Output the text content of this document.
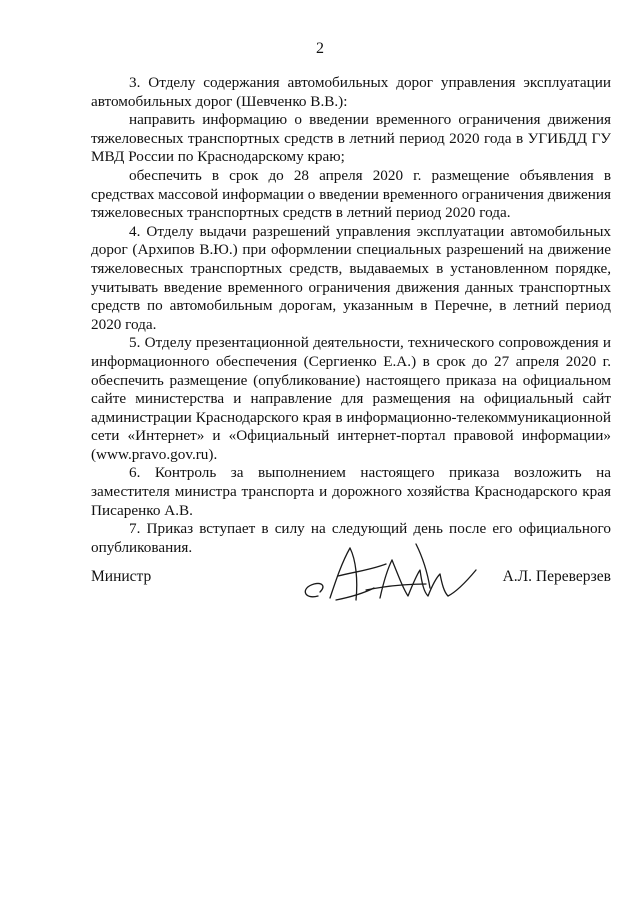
2

3. Отделу содержания автомобильных дорог управления эксплуатации автомобильных дорог (Шевченко В.В.):

направить информацию о введении временного ограничения движения тяжеловесных транспортных средств в летний период 2020 года в УГИБДД ГУ МВД России по Краснодарскому краю;

обеспечить в срок до 28 апреля 2020 г. размещение объявления в средствах массовой информации о введении временного ограничения движения тяжеловесных транспортных средств в летний период 2020 года.

4. Отделу выдачи разрешений управления эксплуатации автомобильных дорог (Архипов В.Ю.) при оформлении специальных разрешений на движение тяжеловесных транспортных средств, выдаваемых в установленном порядке, учитывать введение временного ограничения движения данных транспортных средств по автомобильным дорогам, указанным в Перечне, в летний период 2020 года.

5. Отделу презентационной деятельности, технического сопровождения и информационного обеспечения (Сергиенко Е.А.) в срок до 27 апреля 2020 г. обеспечить размещение (опубликование) настоящего приказа на официальном сайте министерства и направление для размещения на официальный сайт администрации Краснодарского края в информационно-телекоммуникационной сети «Интернет» и «Официальный интернет-портал правовой информации» (www.pravo.gov.ru).

6. Контроль за выполнением настоящего приказа возложить на заместителя министра транспорта и дорожного хозяйства Краснодарского края Писаренко А.В.

7. Приказ вступает в силу на следующий день после его официального опубликования.

Министр	А.Л. Переверзев
